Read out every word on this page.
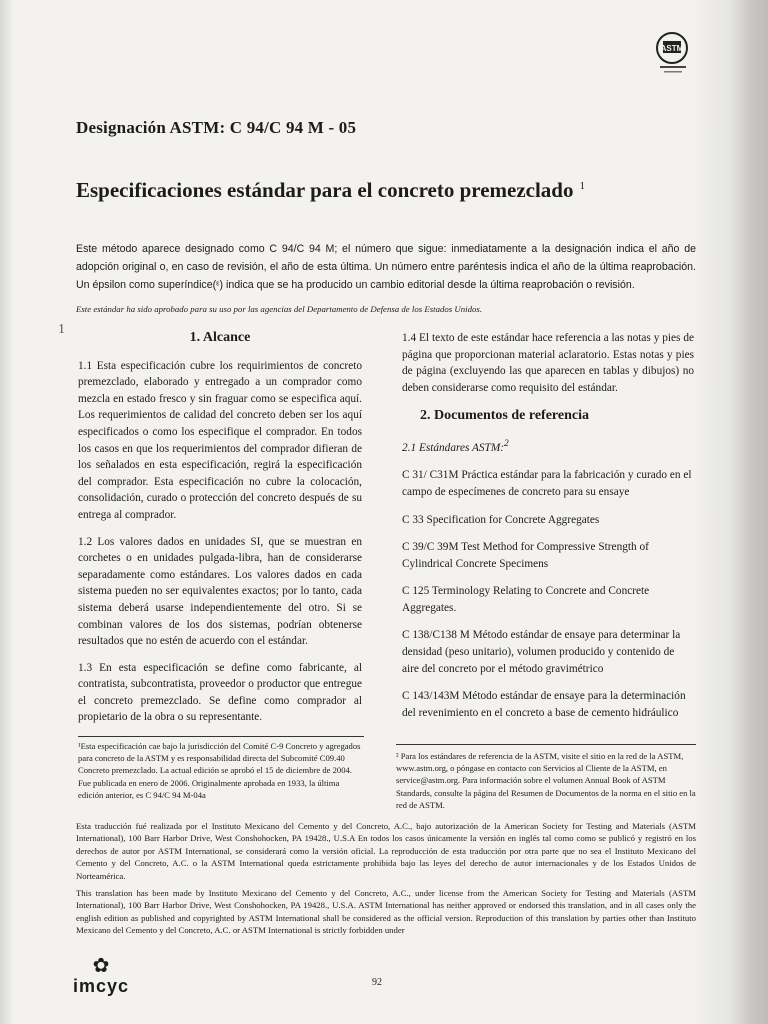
ASTM
Designación ASTM: C 94/C 94 M - 05
Especificaciones estándar para el concreto premezclado $^1$
Este método aparece designado como C 94/C 94 M; el número que sigue: inmediatamente a la designación indica el año de adopción original o, en caso de revisión, el año de esta última. Un número entre paréntesis indica el año de la última reaprobación. Un épsilon como superíndice(ᵋ) indica que se ha producido un cambio editorial desde la última reaprobación o revisión.
Este estándar ha sido aprobado para su uso por las agencias del Departamento de Defensa de los Estados Unidos.
1
1. Alcance

1.1 Esta especificación cubre los requirimientos de concreto premezclado, elaborado y entregado a un comprador como mezcla en estado fresco y sin fraguar como se especifica aquí. Los requerimientos de calidad del concreto deben ser los aquí especificados o como los especifique el comprador. En todos los casos en que los requerimientos del comprador difieran de los señalados en esta especificación, regirá la especificación del comprador. Esta especificación no cubre la colocación, consolidación, curado o protección del concreto después de su entrega al comprador.

1.2 Los valores dados en unidades SI, que se muestran en corchetes o en unidades pulgada-libra, han de considerarse separadamente como estándares. Los valores dados en cada sistema pueden no ser equivalentes exactos; por lo tanto, cada sistema deberá usarse independientemente del otro. Si se combinan valores de los dos sistemas, podrían obtenerse resultados que no estén de acuerdo con el estándar.

1.3 En esta especificación se define como fabricante, al contratista, subcontratista, proveedor o productor que entregue el concreto premezclado. Se define como comprador al propietario de la obra o su representante.

1.4 El texto de este estándar hace referencia a las notas y pies de página que proporcionan material aclaratorio. Estas notas y pies de página (excluyendo las que aparecen en tablas y dibujos) no deben considerarse como requisito del estándar.

2. Documentos de referencia
2.1 Estándares ASTM:$^2$
C 31/ C31M Práctica estándar para la fabricación y curado en el campo de especímenes de concreto para su ensaye
C 33 Specification for Concrete Aggregates
C 39/C 39M Test Method for Compressive Strength of Cylindrical Concrete Specimens
C 125 Terminology Relating to Concrete and Concrete Aggregates.
C 138/C138 M Método estándar de ensaye para determinar la densidad (peso unitario), volumen producido y contenido de aire del concreto por el método gravimétrico
C 143/143M Método estándar de ensaye para la determinación del revenimiento en el concreto a base de cemento hidráulico
¹Esta especificación cae bajo la jurisdicción del Comité C-9 Concreto y agregados para concreto de la ASTM y es responsabilidad directa del Subcomité C09.40 Concreto premezclado. La actual edición se aprobó el 15 de diciembre de 2004. Fue publicada en enero de 2006. Originalmente aprobada en 1933, la última edición anterior, es C 94/C 94 M-04a
² Para los estándares de referencia de la ASTM, visite el sitio en la red de la ASTM, www.astm.org, o póngase en contacto con Servicios al Cliente de la ASTM, en service@astm.org. Para información sobre el volumen Annual Book of ASTM Standards, consulte la página del Resumen de Documentos de la norma en el sitio en la red de ASTM.

Esta traducción fué realizada por el Instituto Mexicano del Cemento y del Concreto, A.C., bajo autorización de la American Society for Testing and Materials (ASTM International), 100 Barr Harbor Drive, West Conshohocken, PA 19428., U.S.A En todos los casos únicamente la versión en inglés tal como como se publicó y registró en los derechos de autor por ASTM International, se considerará como la versión oficial. La reproducción de esta traducción por otra parte que no sea el Instituto Mexicano del Cemento y del Concreto, A.C. o la ASTM International queda estrictamente prohibida bajo las leyes del derecho de autor internacionales y de los Estados Unidos de Norteamérica.

This translation has been made by Instituto Mexicano del Cemento y del Concreto, A.C., under license from the American Society for Testing and Materials (ASTM International), 100 Barr Harbor Drive, West Conshohocken, PA 19428., U.S.A. ASTM International has neither approved or endorsed this translation, and in all cases only the english edition as published and copyrighted by ASTM International shall be considered as the official version. Reproduction of this translation by parties other than Instituto Mexicano del Cemento y del Concreto, A.C. or ASTM International is strictly forbidden under

✿
imcyc	92
